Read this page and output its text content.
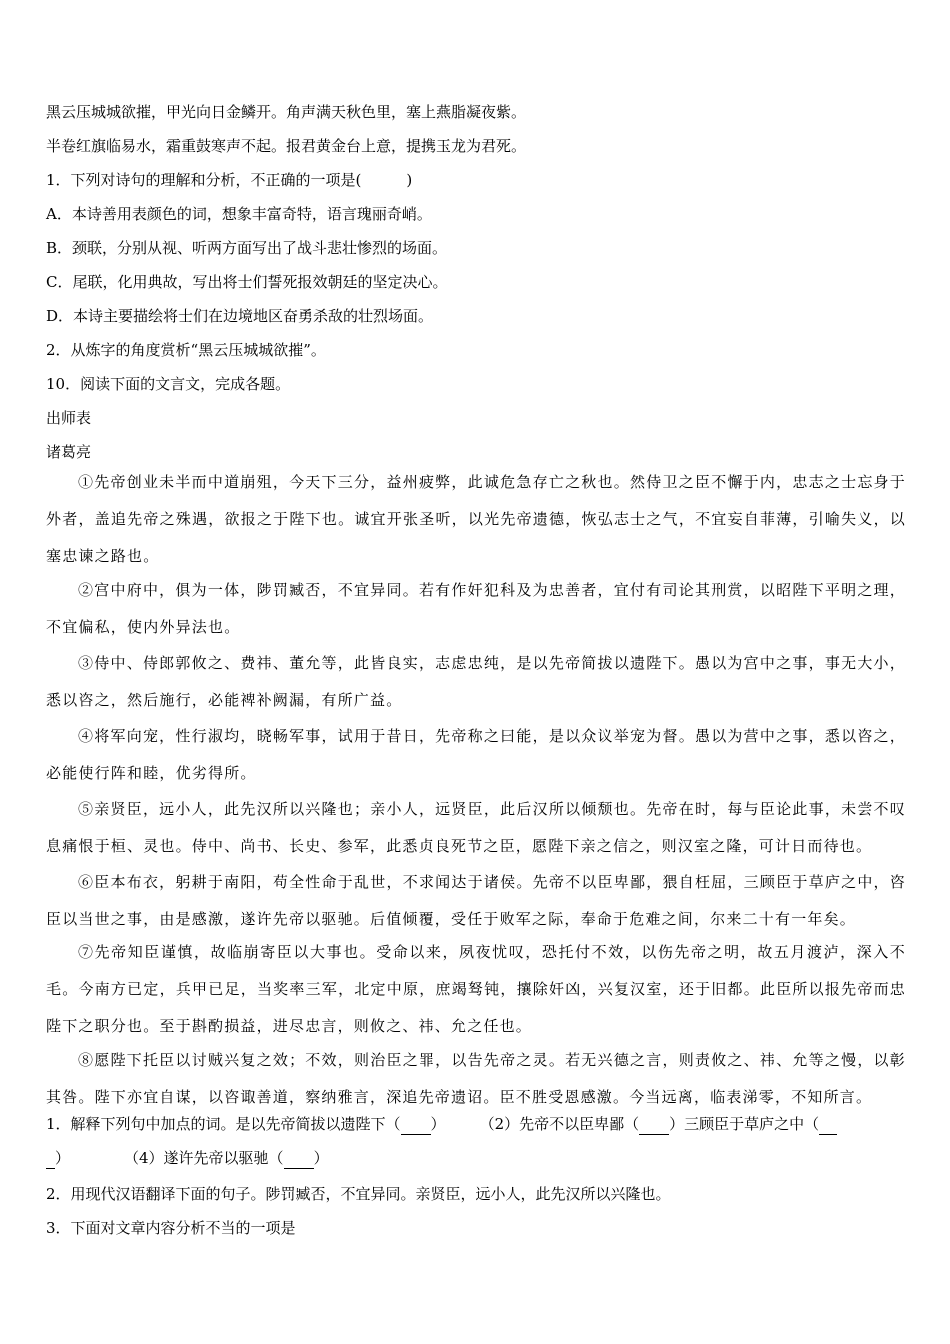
黑云压城城欲摧，甲光向日金鳞开。角声满天秋色里，塞上燕脂凝夜紫。
半卷红旗临易水，霜重鼓寒声不起。报君黄金台上意，提携玉龙为君死。
1．下列对诗句的理解和分析，不正确的一项是(　　　)
A．本诗善用表颜色的词，想象丰富奇特，语言瑰丽奇峭。
B．颈联，分别从视、听两方面写出了战斗悲壮惨烈的场面。
C．尾联，化用典故，写出将士们誓死报效朝廷的坚定决心。
D．本诗主要描绘将士们在边境地区奋勇杀敌的壮烈场面。
2．从炼字的角度赏析“黑云压城城欲摧”。
10．阅读下面的文言文，完成各题。
出师表
诸葛亮
①先帝创业未半而中道崩殂，今天下三分，益州疲弊，此诚危急存亡之秋也。然侍卫之臣不懈于内，忠志之士忘身于外者，盖追先帝之殊遇，欲报之于陛下也。诚宜开张圣听，以光先帝遗德，恢弘志士之气，不宜妄自菲薄，引喻失义，以塞忠谏之路也。
②宫中府中，俱为一体，陟罚臧否，不宜异同。若有作奸犯科及为忠善者，宜付有司论其刑赏，以昭陛下平明之理，不宜偏私，使内外异法也。
③侍中、侍郎郭攸之、费祎、董允等，此皆良实，志虑忠纯，是以先帝简拔以遗陛下。愚以为宫中之事，事无大小，悉以咨之，然后施行，必能裨补阙漏，有所广益。
④将军向宠，性行淑均，晓畅军事，试用于昔日，先帝称之曰能，是以众议举宠为督。愚以为营中之事，悉以咨之，必能使行阵和睦，优劣得所。
⑤亲贤臣，远小人，此先汉所以兴隆也；亲小人，远贤臣，此后汉所以倾颓也。先帝在时，每与臣论此事，未尝不叹息痛恨于桓、灵也。侍中、尚书、长史、参军，此悉贞良死节之臣，愿陛下亲之信之，则汉室之隆，可计日而待也。
⑥臣本布衣，躬耕于南阳，苟全性命于乱世，不求闻达于诸侯。先帝不以臣卑鄙，猥自枉屈，三顾臣于草庐之中，咨臣以当世之事，由是感激，遂许先帝以驱驰。后值倾覆，受任于败军之际，奉命于危难之间，尔来二十有一年矣。
⑦先帝知臣谨慎，故临崩寄臣以大事也。受命以来，夙夜忧叹，恐托付不效，以伤先帝之明，故五月渡泸，深入不毛。今南方已定，兵甲已足，当奖率三军，北定中原，庶竭驽钝，攘除奸凶，兴复汉室，还于旧都。此臣所以报先帝而忠陛下之职分也。至于斟酌损益，进尽忠言，则攸之、祎、允之任也。
⑧愿陛下托臣以讨贼兴复之效；不效，则治臣之罪，以告先帝之灵。若无兴德之言，则责攸之、祎、允等之慢，以彰其咎。陛下亦宜自谋，以咨诹善道，察纳雅言，深追先帝遗诏。臣不胜受恩感激。今当远离，临表涕零，不知所言。
1．解释下列句中加点的词。是以先帝简拔以遗陛下（ ） （2）先帝不以臣卑鄙（ ）三顾臣于草庐之中（
）	（4）遂许先帝以驱驰（ ）
2．用现代汉语翻译下面的句子。陟罚臧否，不宜异同。亲贤臣，远小人，此先汉所以兴隆也。
3．下面对文章内容分析不当的一项是
